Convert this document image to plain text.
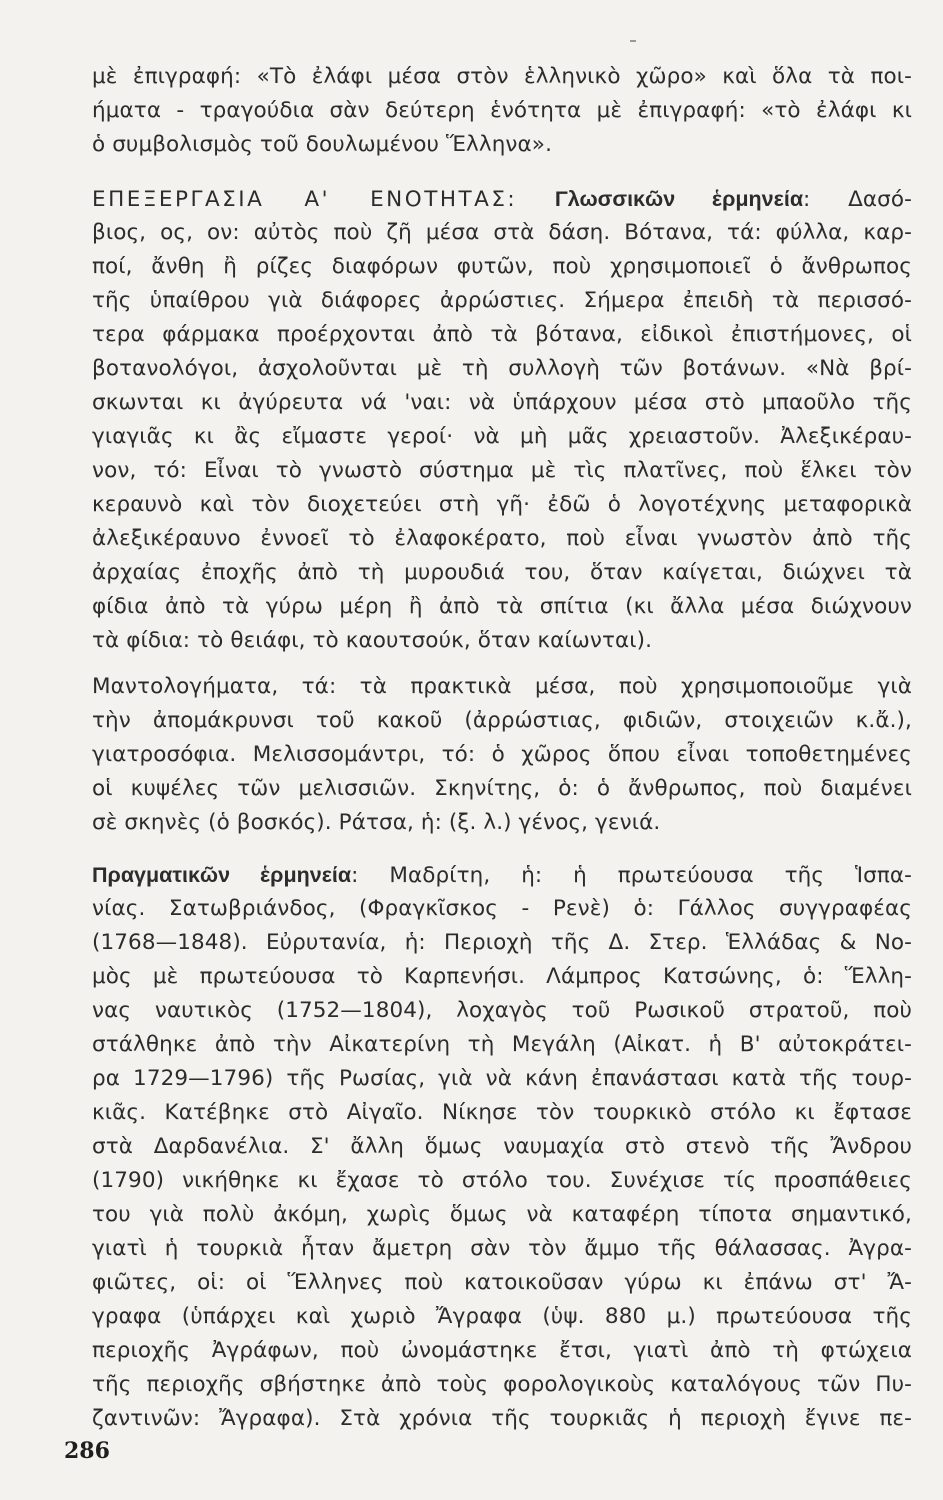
μὲ ἐπιγραφή: «Τὸ ἐλάφι μέσα στὸν ἑλληνικὸ χῶρο» καὶ ὅλα τὰ ποι-
ήματα - τραγούδια σὰν δεύτερη ἑνότητα μὲ ἐπιγραφή: «τὸ ἐλάφι κι
ὁ συμβολισμὸς τοῦ δουλωμένου Ἕλληνα».
ΕΠΕΞΕΡΓΑΣΙΑ Α' ΕΝΟΤΗΤΑΣ: Γλωσσικῶν ἑρμηνεία: Δασό-
βιος, ος, ον: αὐτὸς ποὺ ζῆ μέσα στὰ δάση. Βότανα, τά: φύλλα, καρ-
ποί, ἄνθη ἢ ρίζες διαφόρων φυτῶν, ποὺ χρησιμοποιεῖ ὁ ἄνθρωπος
τῆς ὑπαίθρου γιὰ διάφορες ἀρρώστιες. Σήμερα ἐπειδὴ τὰ περισσό-
τερα φάρμακα προέρχονται ἀπὸ τὰ βότανα, εἰδικοὶ ἐπιστήμονες, οἱ
βοτανολόγοι, ἀσχολοῦνται μὲ τὴ συλλογὴ τῶν βοτάνων. «Νὰ βρί-
σκωνται κι ἀγύρευτα νά 'ναι: νὰ ὑπάρχουν μέσα στὸ μπαοῦλο τῆς
γιαγιᾶς κι ἂς εἴμαστε γεροί· νὰ μὴ μᾶς χρειαστοῦν. Ἀλεξικέραυ-
νον, τό: Εἶναι τὸ γνωστὸ σύστημα μὲ τὶς πλατῖνες, ποὺ ἕλκει τὸν
κεραυνὸ καὶ τὸν διοχετεύει στὴ γῆ· ἐδῶ ὁ λογοτέχνης μεταφορικὰ
ἀλεξικέραυνο ἐννοεῖ τὸ ἐλαφοκέρατο, ποὺ εἶναι γνωστὸν ἀπὸ τῆς
ἀρχαίας ἐποχῆς ἀπὸ τὴ μυρουδιά του, ὅταν καίγεται, διώχνει τὰ
φίδια ἀπὸ τὰ γύρω μέρη ἢ ἀπὸ τὰ σπίτια (κι ἄλλα μέσα διώχνουν
τὰ φίδια: τὸ θειάφι, τὸ καουτσούκ, ὅταν καίωνται).
Μαντολογήματα, τά: τὰ πρακτικὰ μέσα, ποὺ χρησιμοποιοῦμε γιὰ
τὴν ἀπομάκρυνσι τοῦ κακοῦ (ἀρρώστιας, φιδιῶν, στοιχειῶν κ.ἄ.),
γιατροσόφια. Μελισσομάντρι, τό: ὁ χῶρος ὅπου εἶναι τοποθετημένες
οἱ κυψέλες τῶν μελισσιῶν. Σκηνίτης, ὁ: ὁ ἄνθρωπος, ποὺ διαμένει
σὲ σκηνὲς (ὁ βοσκός). Ράτσα, ἡ: (ξ. λ.) γένος, γενιά.
Πραγματικῶν ἑρμηνεία: Μαδρίτη, ἡ: ἡ πρωτεύουσα τῆς Ἱσπα-
νίας. Σατωβριάνδος, (Φραγκῖσκος - Ρενὲ) ὁ: Γάλλος συγγραφέας
(1768—1848). Εὐρυτανία, ἡ: Περιοχὴ τῆς Δ. Στερ. Ἑλλάδας & Νο-
μὸς μὲ πρωτεύουσα τὸ Καρπενήσι. Λάμπρος Κατσώνης, ὁ: Ἕλλη-
νας ναυτικὸς (1752—1804), λοχαγὸς τοῦ Ρωσικοῦ στρατοῦ, ποὺ
στάλθηκε ἀπὸ τὴν Αἰκατερίνη τὴ Μεγάλη (Αἰκατ. ἡ Β' αὐτοκράτει-
ρα 1729—1796) τῆς Ρωσίας, γιὰ νὰ κάνη ἐπανάστασι κατὰ τῆς τουρ-
κιᾶς. Κατέβηκε στὸ Αἰγαῖο. Νίκησε τὸν τουρκικὸ στόλο κι ἔφτασε
στὰ Δαρδανέλια. Σ' ἄλλη ὅμως ναυμαχία στὸ στενὸ τῆς Ἄνδρου
(1790) νικήθηκε κι ἔχασε τὸ στόλο του. Συνέχισε τίς προσπάθειες
του γιὰ πολὺ ἀκόμη, χωρὶς ὅμως νὰ καταφέρη τίποτα σημαντικό,
γιατὶ ἡ τουρκιὰ ἦταν ἄμετρη σὰν τὸν ἄμμο τῆς θάλασσας. Ἀγρα-
φιῶτες, οἱ: οἱ Ἕλληνες ποὺ κατοικοῦσαν γύρω κι ἐπάνω στ' Ἄ-
γραφα (ὑπάρχει καὶ χωριὸ Ἄγραφα (ὑψ. 880 μ.) πρωτεύουσα τῆς
περιοχῆς Ἀγράφων, ποὺ ὠνομάστηκε ἔτσι, γιατὶ ἀπὸ τὴ φτώχεια
τῆς περιοχῆς σβήστηκε ἀπὸ τοὺς φορολογικοὺς καταλόγους τῶν Πυ-
ζαντινῶν: Ἄγραφα). Στὰ χρόνια τῆς τουρκιᾶς ἡ περιοχὴ ἔγινε πε-
286
